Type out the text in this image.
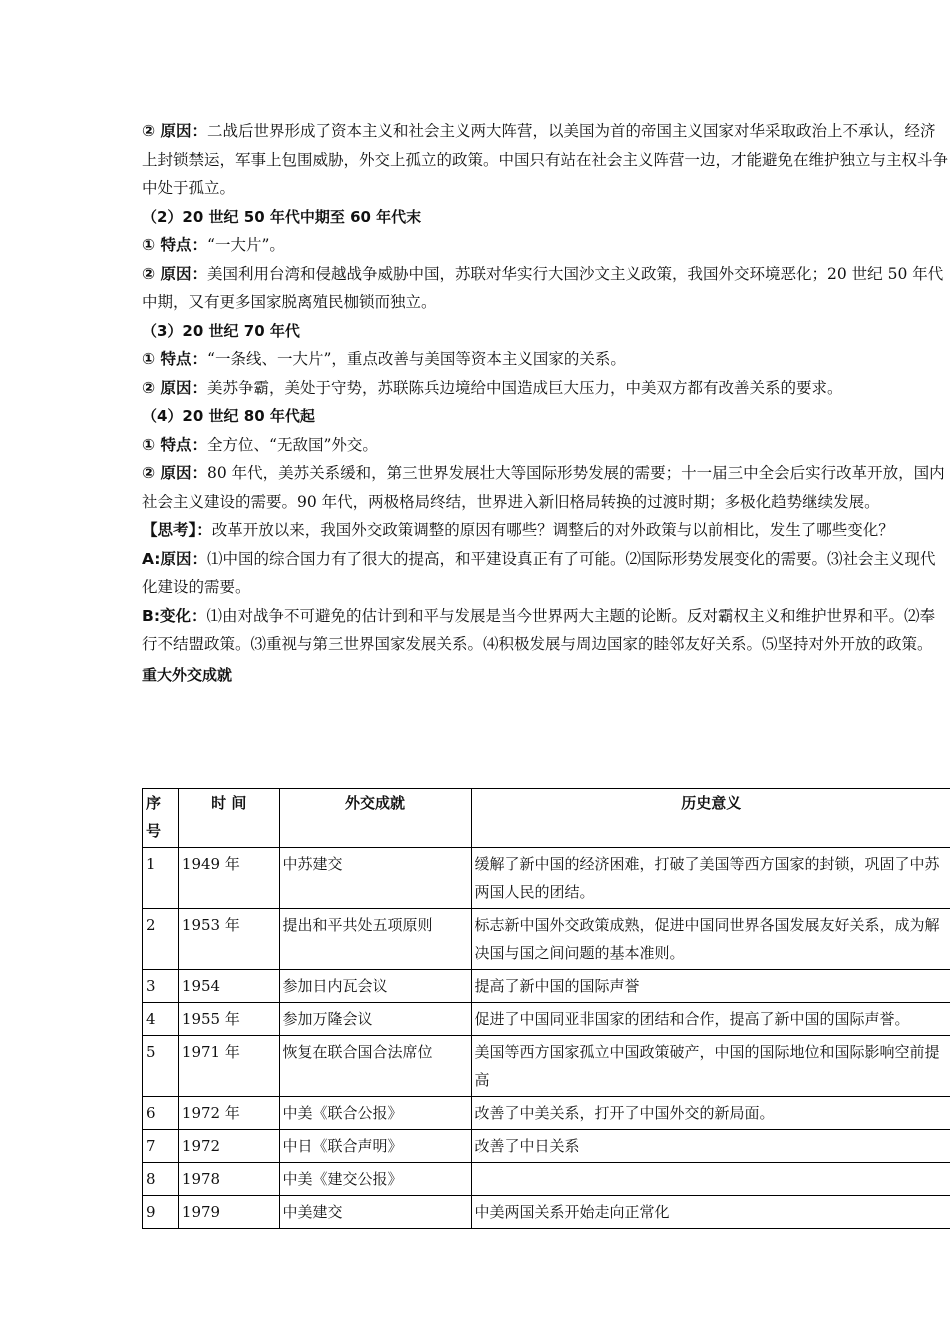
② 原因：二战后世界形成了资本主义和社会主义两大阵营，以美国为首的帝国主义国家对华采取政治上不承认，经济上封锁禁运，军事上包围威胁，外交上孤立的政策。中国只有站在社会主义阵营一边，才能避免在维护独立与主权斗争中处于孤立。

（2）20 世纪 50 年代中期至 60 年代末

① 特点：“一大片”。

② 原因：美国利用台湾和侵越战争威胁中国，苏联对华实行大国沙文主义政策，我国外交环境恶化；20 世纪 50 年代中期，又有更多国家脱离殖民枷锁而独立。

（3）20 世纪 70 年代

① 特点：“一条线、一大片”，重点改善与美国等资本主义国家的关系。

② 原因：美苏争霸，美处于守势，苏联陈兵边境给中国造成巨大压力，中美双方都有改善关系的要求。

（4）20 世纪 80 年代起

① 特点：全方位、“无敌国”外交。

② 原因：80 年代，美苏关系缓和，第三世界发展壮大等国际形势发展的需要；十一届三中全会后实行改革开放，国内社会主义建设的需要。90 年代，两极格局终结，世界进入新旧格局转换的过渡时期；多极化趋势继续发展。

【思考】：改革开放以来，我国外交政策调整的原因有哪些？调整后的对外政策与以前相比，发生了哪些变化？

A:原因：⑴中国的综合国力有了很大的提高，和平建设真正有了可能。⑵国际形势发展变化的需要。⑶社会主义现代化建设的需要。

B:变化：⑴由对战争不可避免的估计到和平与发展是当今世界两大主题的论断。反对霸权主义和维护世界和平。⑵奉行不结盟政策。⑶重视与第三世界国家发展关系。⑷积极发展与周边国家的睦邻友好关系。⑸坚持对外开放的政策。

重大外交成就

序号	时 间	外交成就	历史意义
1	1949 年	中苏建交	缓解了新中国的经济困难，打破了美国等西方国家的封锁，巩固了中苏两国人民的团结。
2	1953 年	提出和平共处五项原则	标志新中国外交政策成熟，促进中国同世界各国发展友好关系，成为解决国与国之间问题的基本准则。
3	1954	参加日内瓦会议	提高了新中国的国际声誉
4	1955 年	参加万隆会议	促进了中国同亚非国家的团结和合作，提高了新中国的国际声誉。
5	1971 年	恢复在联合国合法席位	美国等西方国家孤立中国政策破产，中国的国际地位和国际影响空前提高
6	1972 年	中美《联合公报》	改善了中美关系，打开了中国外交的新局面。
7	1972	中日《联合声明》	改善了中日关系
8	1978	中美《建交公报》	
9	1979	中美建交	中美两国关系开始走向正常化
